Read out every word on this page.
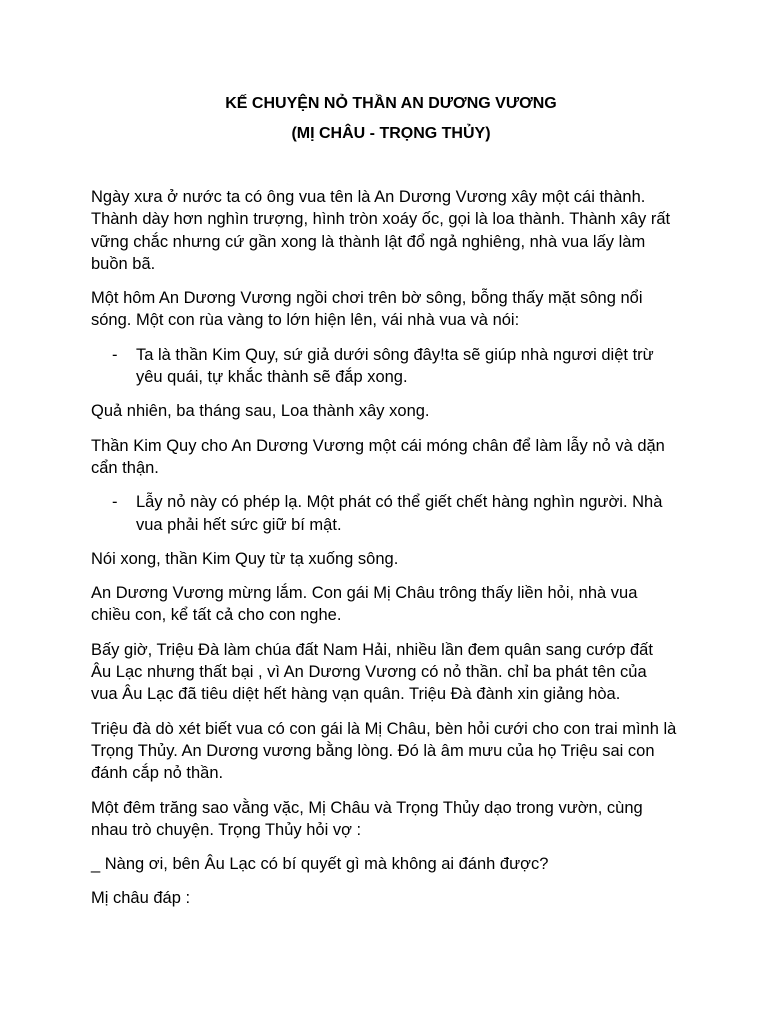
KẾ CHUYỆN NỎ THẦN AN DƯƠNG VƯƠNG
(MỊ CHÂU - TRỌNG THỦY)

Ngày xưa ở nước ta có ông vua tên là An Dương Vương xây một cái thành. Thành dày hơn nghìn trượng, hình tròn xoáy ốc, gọi là loa thành. Thành xây rất vững chắc nhưng cứ gần xong là thành lật đổ ngả nghiêng, nhà vua lấy làm buồn bã.

Một hôm An Dương Vương ngồi chơi trên bờ sông, bỗng thấy mặt sông nổi sóng. Một con rùa vàng to lớn hiện lên, vái nhà vua và nói:

-	Ta là thần Kim Quy, sứ giả dưới sông đây!ta sẽ giúp nhà ngươi diệt trừ yêu quái, tự khắc thành sẽ đắp xong.

Quả nhiên, ba tháng sau, Loa thành xây xong.

Thần Kim Quy cho An Dương Vương một cái móng chân để làm lẫy nỏ và dặn cẩn thận.

-	Lẫy nỏ này có phép lạ. Một phát có thể giết chết hàng nghìn người. Nhà vua phải hết sức giữ bí mật.

Nói xong, thần Kim Quy từ tạ xuống sông.

An Dương Vương mừng lắm. Con gái Mị Châu trông thấy liền hỏi, nhà vua chiều con, kể tất cả cho con nghe.

Bấy giờ, Triệu Đà làm chúa đất Nam Hải, nhiều lần đem quân sang cướp đất Âu Lạc nhưng thất bại , vì An Dương Vương có nỏ thần. chỉ ba phát tên của vua Âu Lạc đã tiêu diệt hết hàng vạn quân. Triệu Đà đành xin giảng hòa.

Triệu đà dò xét biết vua có con gái là Mị Châu, bèn hỏi cưới cho con trai mình là Trọng Thủy. An Dương vương bằng lòng. Đó là âm mưu của họ Triệu sai con đánh cắp nỏ thần.

Một đêm trăng sao vằng vặc, Mị Châu và Trọng Thủy dạo trong vườn, cùng nhau trò chuyện. Trọng Thủy hỏi vợ :

_ Nàng ơi, bên Âu Lạc có bí quyết gì mà không ai đánh được?

Mị châu đáp :
